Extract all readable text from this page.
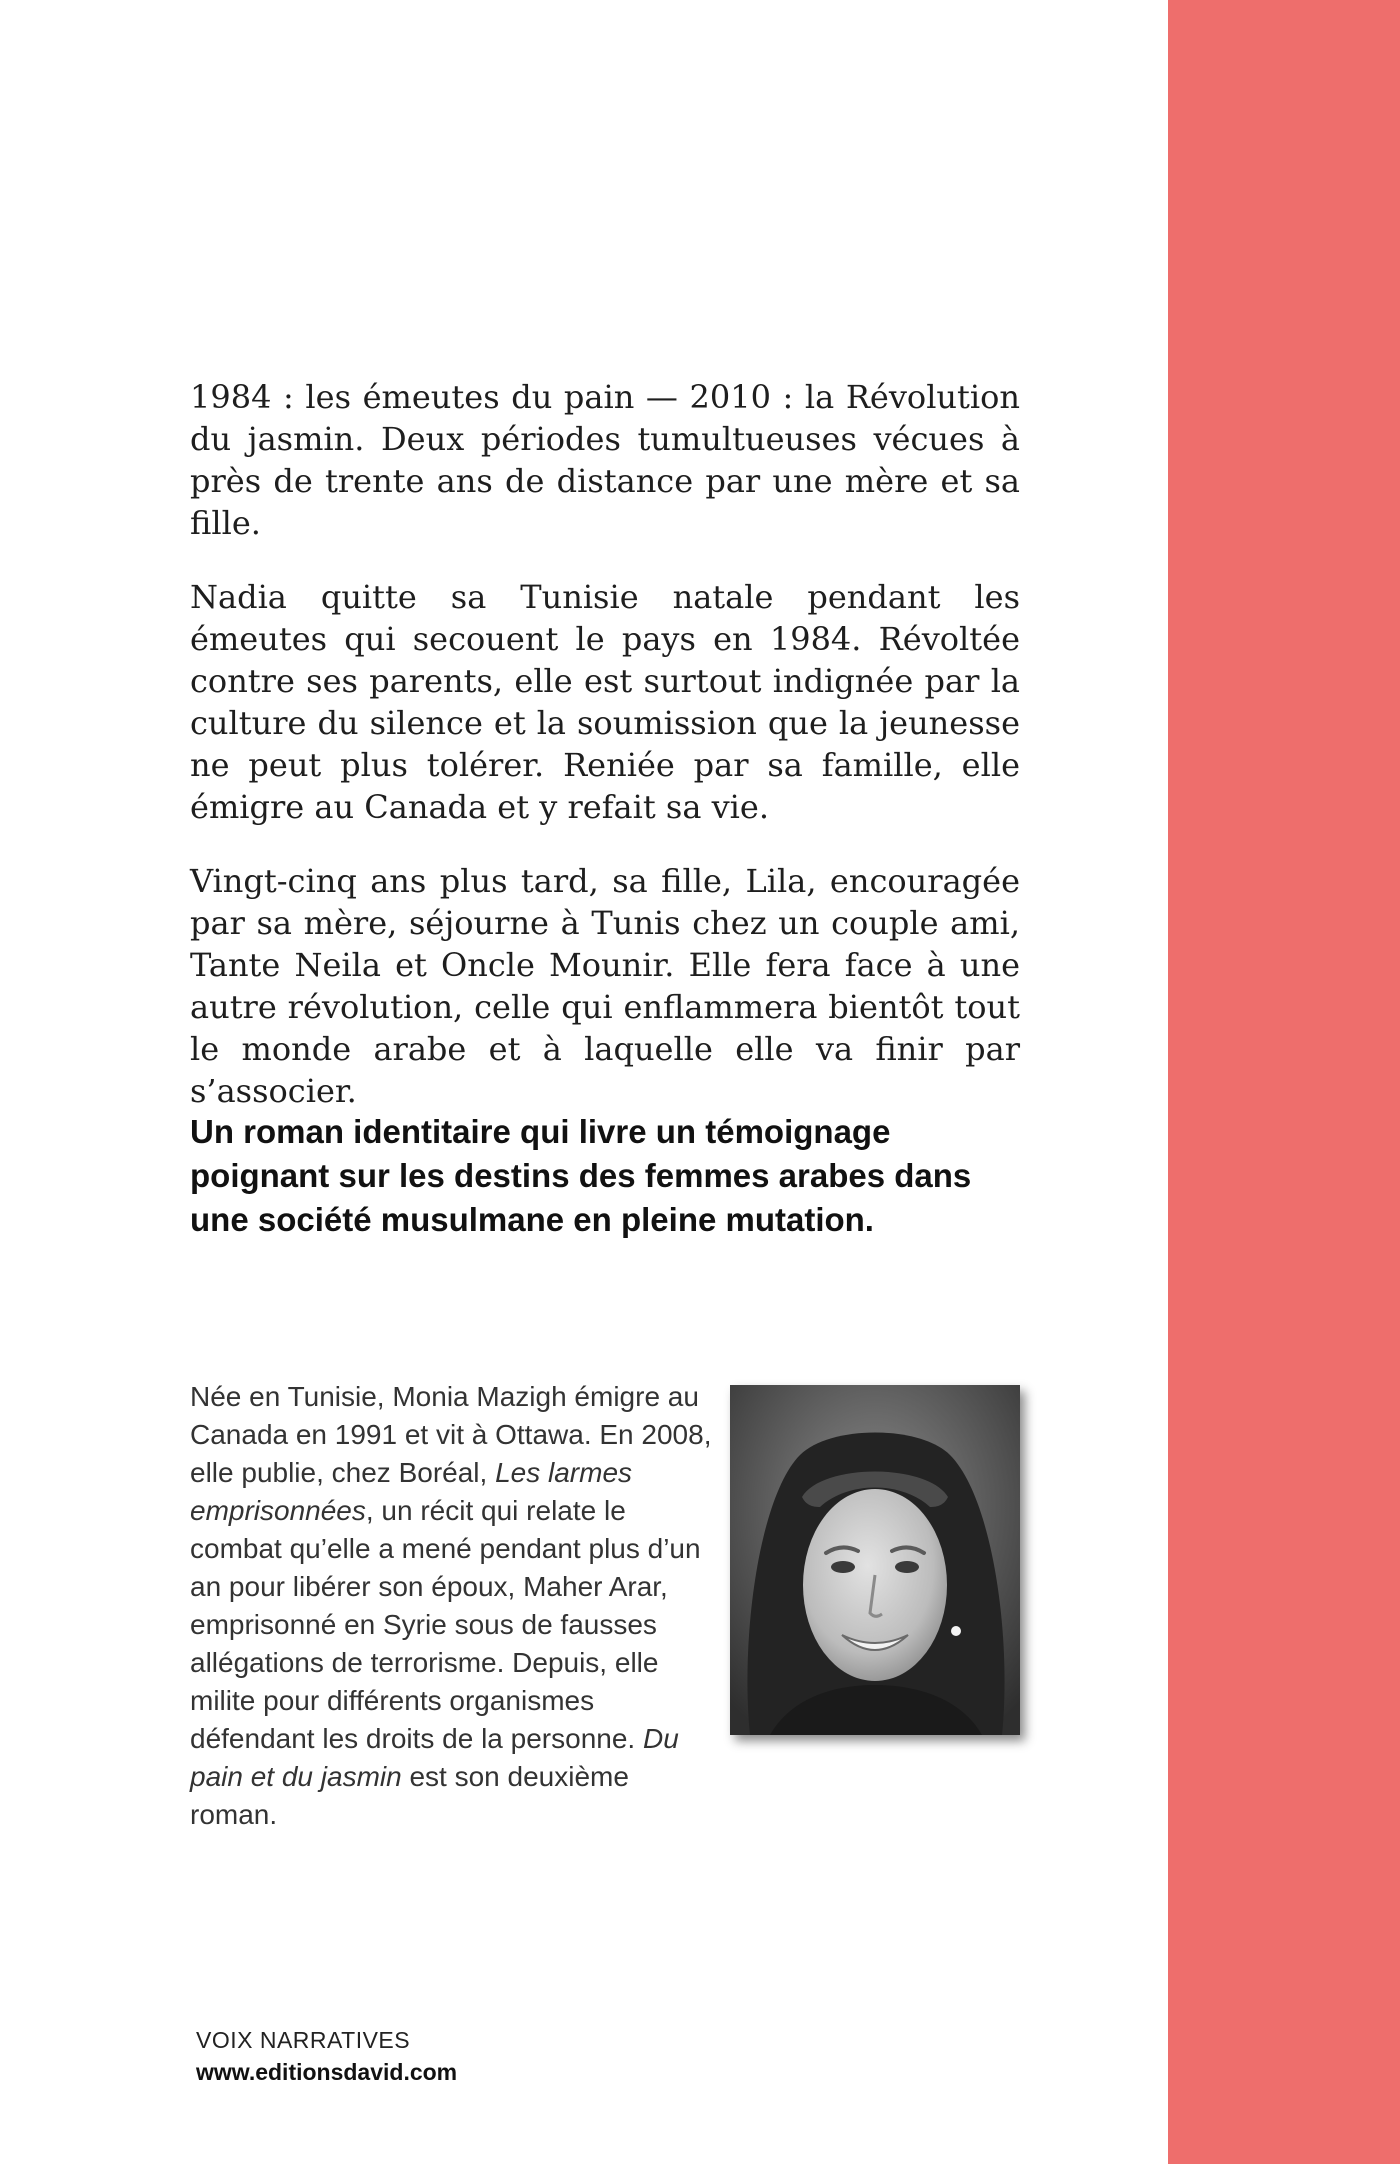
1984 : les émeutes du pain — 2010 : la Révolution du jasmin. Deux périodes tumultueuses vécues à près de trente ans de distance par une mère et sa fille.

Nadia quitte sa Tunisie natale pendant les émeutes qui secouent le pays en 1984. Révoltée contre ses parents, elle est surtout indignée par la culture du silence et la soumission que la jeunesse ne peut plus tolérer. Reniée par sa famille, elle émigre au Canada et y refait sa vie.

Vingt-cinq ans plus tard, sa fille, Lila, encouragée par sa mère, séjourne à Tunis chez un couple ami, Tante Neila et Oncle Mounir. Elle fera face à une autre révolution, celle qui enflammera bientôt tout le monde arabe et à laquelle elle va finir par s’associer.

Un roman identitaire qui livre un témoignage poignant sur les destins des femmes arabes dans une société musulmane en pleine mutation.

Née en Tunisie, Monia Mazigh émigre au Canada en 1991 et vit à Ottawa. En 2008, elle publie, chez Boréal, Les larmes emprisonnées, un récit qui relate le combat qu’elle a mené pendant plus d’un an pour libérer son époux, Maher Arar, emprisonné en Syrie sous de fausses allégations de terrorisme. Depuis, elle milite pour différents organismes défendant les droits de la personne. Du pain et du jasmin est son deuxième roman.

VOIX NARRATIVES

www.editionsdavid.com
